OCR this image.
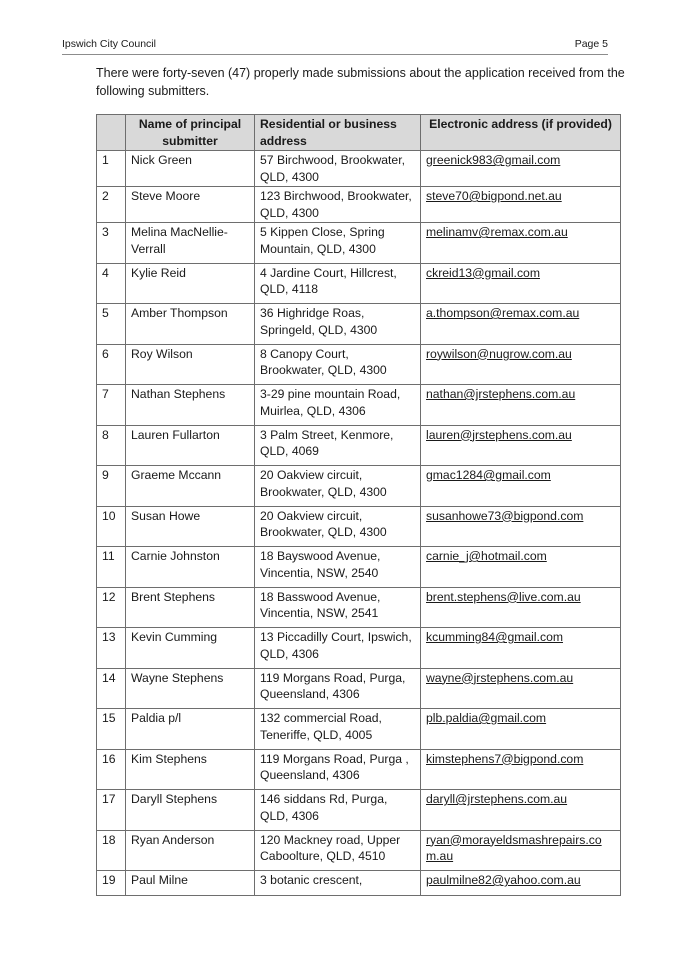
Ipswich City Council	Page 5

There were forty-seven (47) properly made submissions about the application received from the following submitters.

	Name of principal submitter	Residential or business address	Electronic address (if provided)
1	Nick Green	57 Birchwood, Brookwater, QLD, 4300	greenick983@gmail.com
2	Steve Moore	123 Birchwood, Brookwater, QLD, 4300	steve70@bigpond.net.au
3	Melina MacNellie-Verrall	5 Kippen Close, Spring Mountain, QLD, 4300	melinamv@remax.com.au
4	Kylie Reid	4 Jardine Court, Hillcrest, QLD, 4118	ckreid13@gmail.com
5	Amber Thompson	36 Highridge Roas, Springeld, QLD, 4300	a.thompson@remax.com.au
6	Roy Wilson	8 Canopy Court, Brookwater, QLD, 4300	roywilson@nugrow.com.au
7	Nathan Stephens	3-29 pine mountain Road, Muirlea, QLD, 4306	nathan@jrstephens.com.au
8	Lauren Fullarton	3 Palm Street, Kenmore, QLD, 4069	lauren@jrstephens.com.au
9	Graeme Mccann	20 Oakview circuit, Brookwater, QLD, 4300	gmac1284@gmail.com
10	Susan Howe	20 Oakview circuit, Brookwater, QLD, 4300	susanhowe73@bigpond.com
11	Carnie Johnston	18 Bayswood Avenue, Vincentia, NSW, 2540	carnie_j@hotmail.com
12	Brent Stephens	18 Basswood Avenue, Vincentia, NSW, 2541	brent.stephens@live.com.au
13	Kevin Cumming	13 Piccadilly Court, Ipswich, QLD, 4306	kcumming84@gmail.com
14	Wayne Stephens	119 Morgans Road, Purga, Queensland, 4306	wayne@jrstephens.com.au
15	Paldia p/l	132 commercial Road, Teneriffe, QLD, 4005	plb.paldia@gmail.com
16	Kim Stephens	119 Morgans Road, Purga , Queensland, 4306	kimstephens7@bigpond.com
17	Daryll Stephens	146 siddans Rd, Purga, QLD, 4306	daryll@jrstephens.com.au
18	Ryan Anderson	120 Mackney road, Upper Caboolture, QLD, 4510	ryan@morayeldsmashrepairs.com.au
19	Paul Milne	3 botanic crescent,	paulmilne82@yahoo.com.au
